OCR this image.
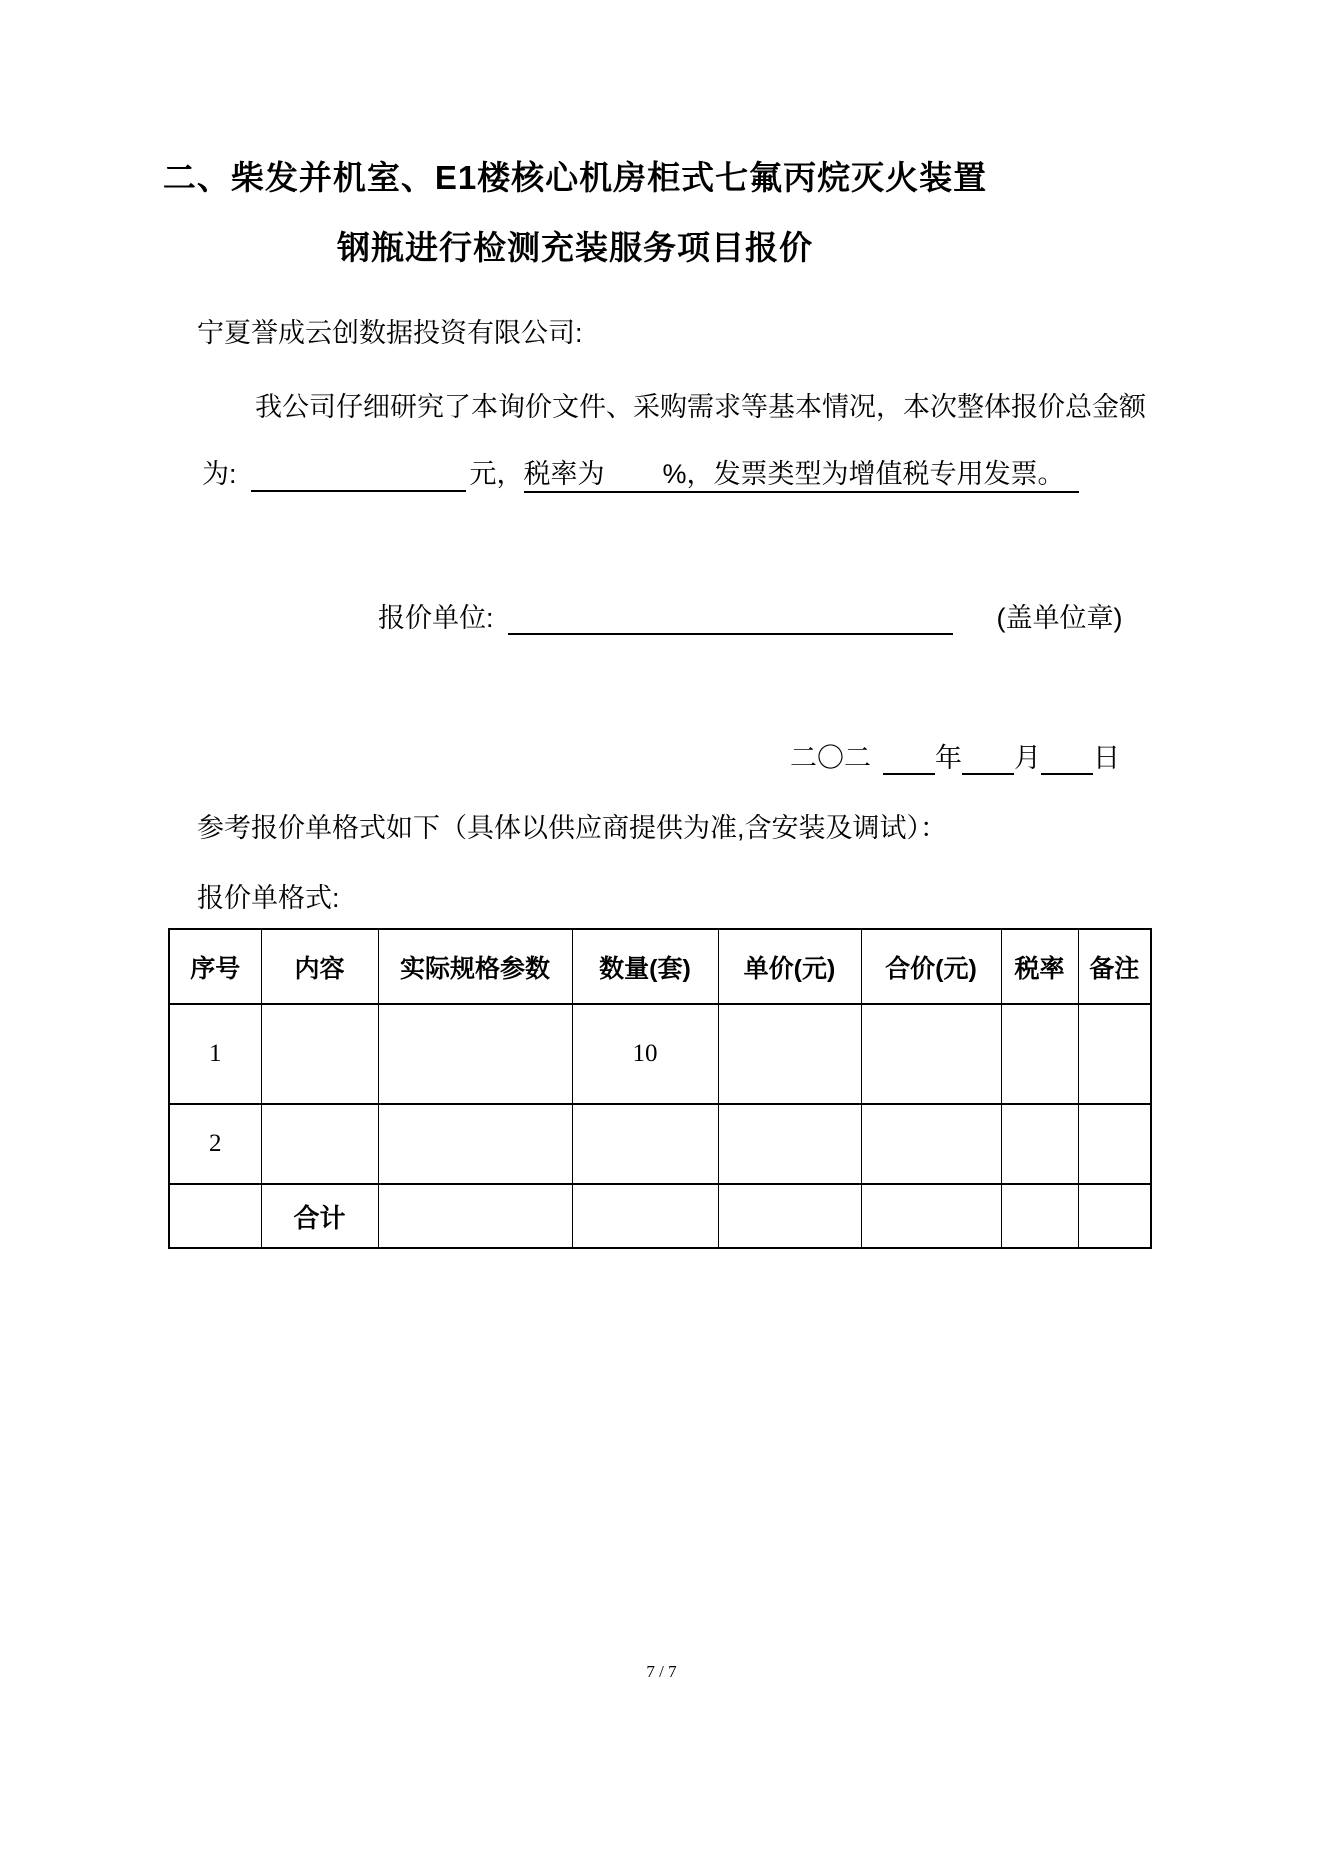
二、柴发并机室、E1楼核心机房柜式七氟丙烷灭火装置
钢瓶进行检测充装服务项目报价
宁夏誉成云创数据投资有限公司:
我公司仔细研究了本询价文件、采购需求等基本情况，本次整体报价总金额
为:	元，税率为 %，发票类型为增值税专用发票。
报价单位:	(盖单位章)
二〇二 年 月 日
参考报价单格式如下（具体以供应商提供为准,含安装及调试）：
报价单格式:
序号	内容	实际规格参数	数量(套)	单价(元)	合价(元)	税率	备注
1			10				
2							
	合计						
7 / 7
